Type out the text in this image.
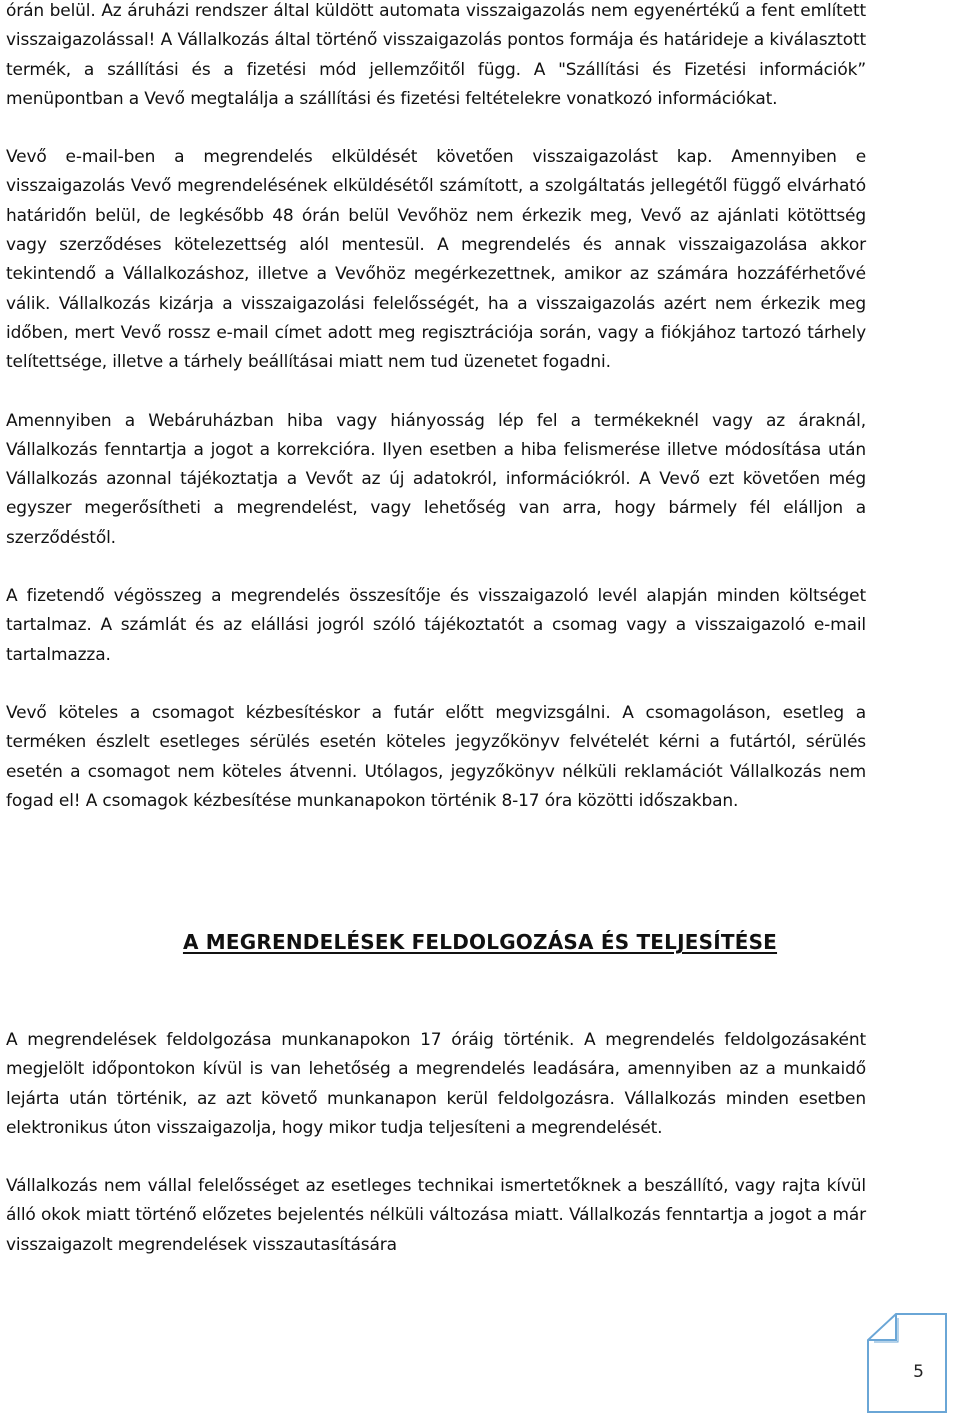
órán belül. Az áruházi rendszer által küldött automata visszaigazolás nem egyenértékű a fent említett visszaigazolással! A Vállalkozás által történő visszaigazolás pontos formája és határideje a kiválasztott termék, a szállítási és a fizetési mód jellemzőitől függ. A "Szállítási és Fizetési információk” menüpontban a Vevő megtalálja a szállítási és fizetési feltételekre vonatkozó információkat.

Vevő e-mail-ben a megrendelés elküldését követően visszaigazolást kap. Amennyiben e visszaigazolás Vevő megrendelésének elküldésétől számított, a szolgáltatás jellegétől függő elvárható határidőn belül, de legkésőbb 48 órán belül Vevőhöz nem érkezik meg, Vevő az ajánlati kötöttség vagy szerződéses kötelezettség alól mentesül. A megrendelés és annak visszaigazolása akkor tekintendő a Vállalkozáshoz, illetve a Vevőhöz megérkezettnek, amikor az számára hozzáférhetővé válik. Vállalkozás kizárja a visszaigazolási felelősségét, ha a visszaigazolás azért nem érkezik meg időben, mert Vevő rossz e-mail címet adott meg regisztrációja során, vagy a fiókjához tartozó tárhely telítettsége, illetve a tárhely beállításai miatt nem tud üzenetet fogadni.

Amennyiben a Webáruházban hiba vagy hiányosság lép fel a termékeknél vagy az áraknál, Vállalkozás fenntartja a jogot a korrekcióra. Ilyen esetben a hiba felismerése illetve módosítása után Vállalkozás azonnal tájékoztatja a Vevőt az új adatokról, információkról. A Vevő ezt követően még egyszer megerősítheti a megrendelést, vagy lehetőség van arra, hogy bármely fél elálljon a szerződéstől.

A fizetendő végösszeg a megrendelés összesítője és visszaigazoló levél alapján minden költséget tartalmaz. A számlát és az elállási jogról szóló tájékoztatót a csomag vagy a visszaigazoló e-mail tartalmazza.

Vevő köteles a csomagot kézbesítéskor a futár előtt megvizsgálni. A csomagoláson, esetleg a terméken észlelt esetleges sérülés esetén köteles jegyzőkönyv felvételét kérni a futártól, sérülés esetén a csomagot nem köteles átvenni. Utólagos, jegyzőkönyv nélküli reklamációt Vállalkozás nem fogad el! A csomagok kézbesítése munkanapokon történik 8-17 óra közötti időszakban.

A MEGRENDELÉSEK FELDOLGOZÁSA ÉS TELJESÍTÉSE

A megrendelések feldolgozása munkanapokon 17 óráig történik. A megrendelés feldolgozásaként megjelölt időpontokon kívül is van lehetőség a megrendelés leadására, amennyiben az a munkaidő lejárta után történik, az azt követő munkanapon kerül feldolgozásra. Vállalkozás minden esetben elektronikus úton visszaigazolja, hogy mikor tudja teljesíteni a megrendelését.

Vállalkozás nem vállal felelősséget az esetleges technikai ismertetőknek a beszállító, vagy rajta kívül álló okok miatt történő előzetes bejelentés nélküli változása miatt. Vállalkozás fenntartja a jogot a már visszaigazolt megrendelések visszautasítására

5
